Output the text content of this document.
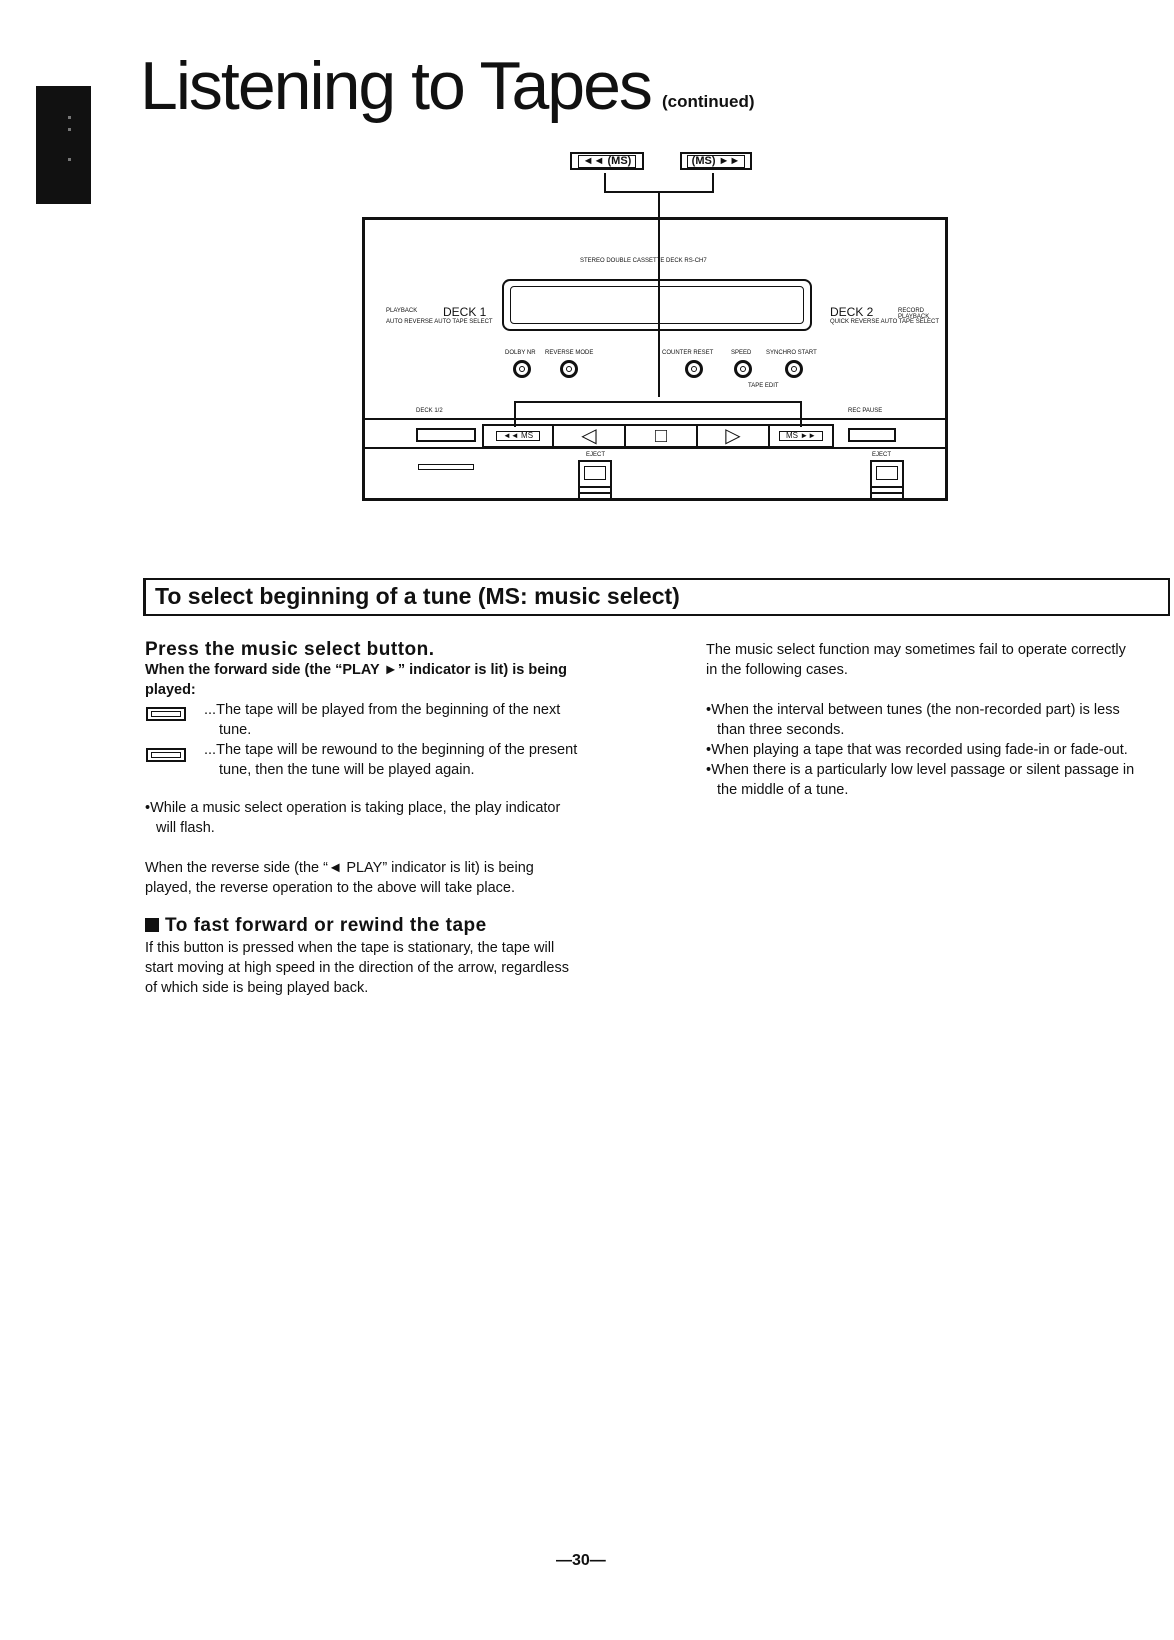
Listening to Tapes (continued)
◄◄ (MS)	(MS) ►►
STEREO DOUBLE CASSETTE DECK RS-CH7
PLAYBACK DECK 1
AUTO REVERSE AUTO TAPE SELECT
DECK 2	RECORD PLAYBACK
QUICK REVERSE AUTO TAPE SELECT
DOLBY NR REVERSE MODE	COUNTER RESET	SPEED SYNCHRO START
TAPE EDIT
DECK 1/2	REC PAUSE
◄◄ MS	◁	□	▷	MS ►►
EJECT	EJECT
To select beginning of a tune (MS: music select)
Press the music select button.
When the forward side (the “PLAY ►” indicator is lit) is being
played:
...The tape will be played from the beginning of the next
tune.
...The tape will be rewound to the beginning of the present
tune, then the tune will be played again.
•While a music select operation is taking place, the play indicator
will flash.
When the reverse side (the “◄ PLAY” indicator is lit) is being
played, the reverse operation to the above will take place.
To fast forward or rewind the tape
If this button is pressed when the tape is stationary, the tape will
start moving at high speed in the direction of the arrow, regardless
of which side is being played back.
The music select function may sometimes fail to operate correctly
in the following cases.
•When the interval between tunes (the non-recorded part) is less
than three seconds.
•When playing a tape that was recorded using fade-in or fade-out.
•When there is a particularly low level passage or silent passage in
the middle of a tune.
—30—
